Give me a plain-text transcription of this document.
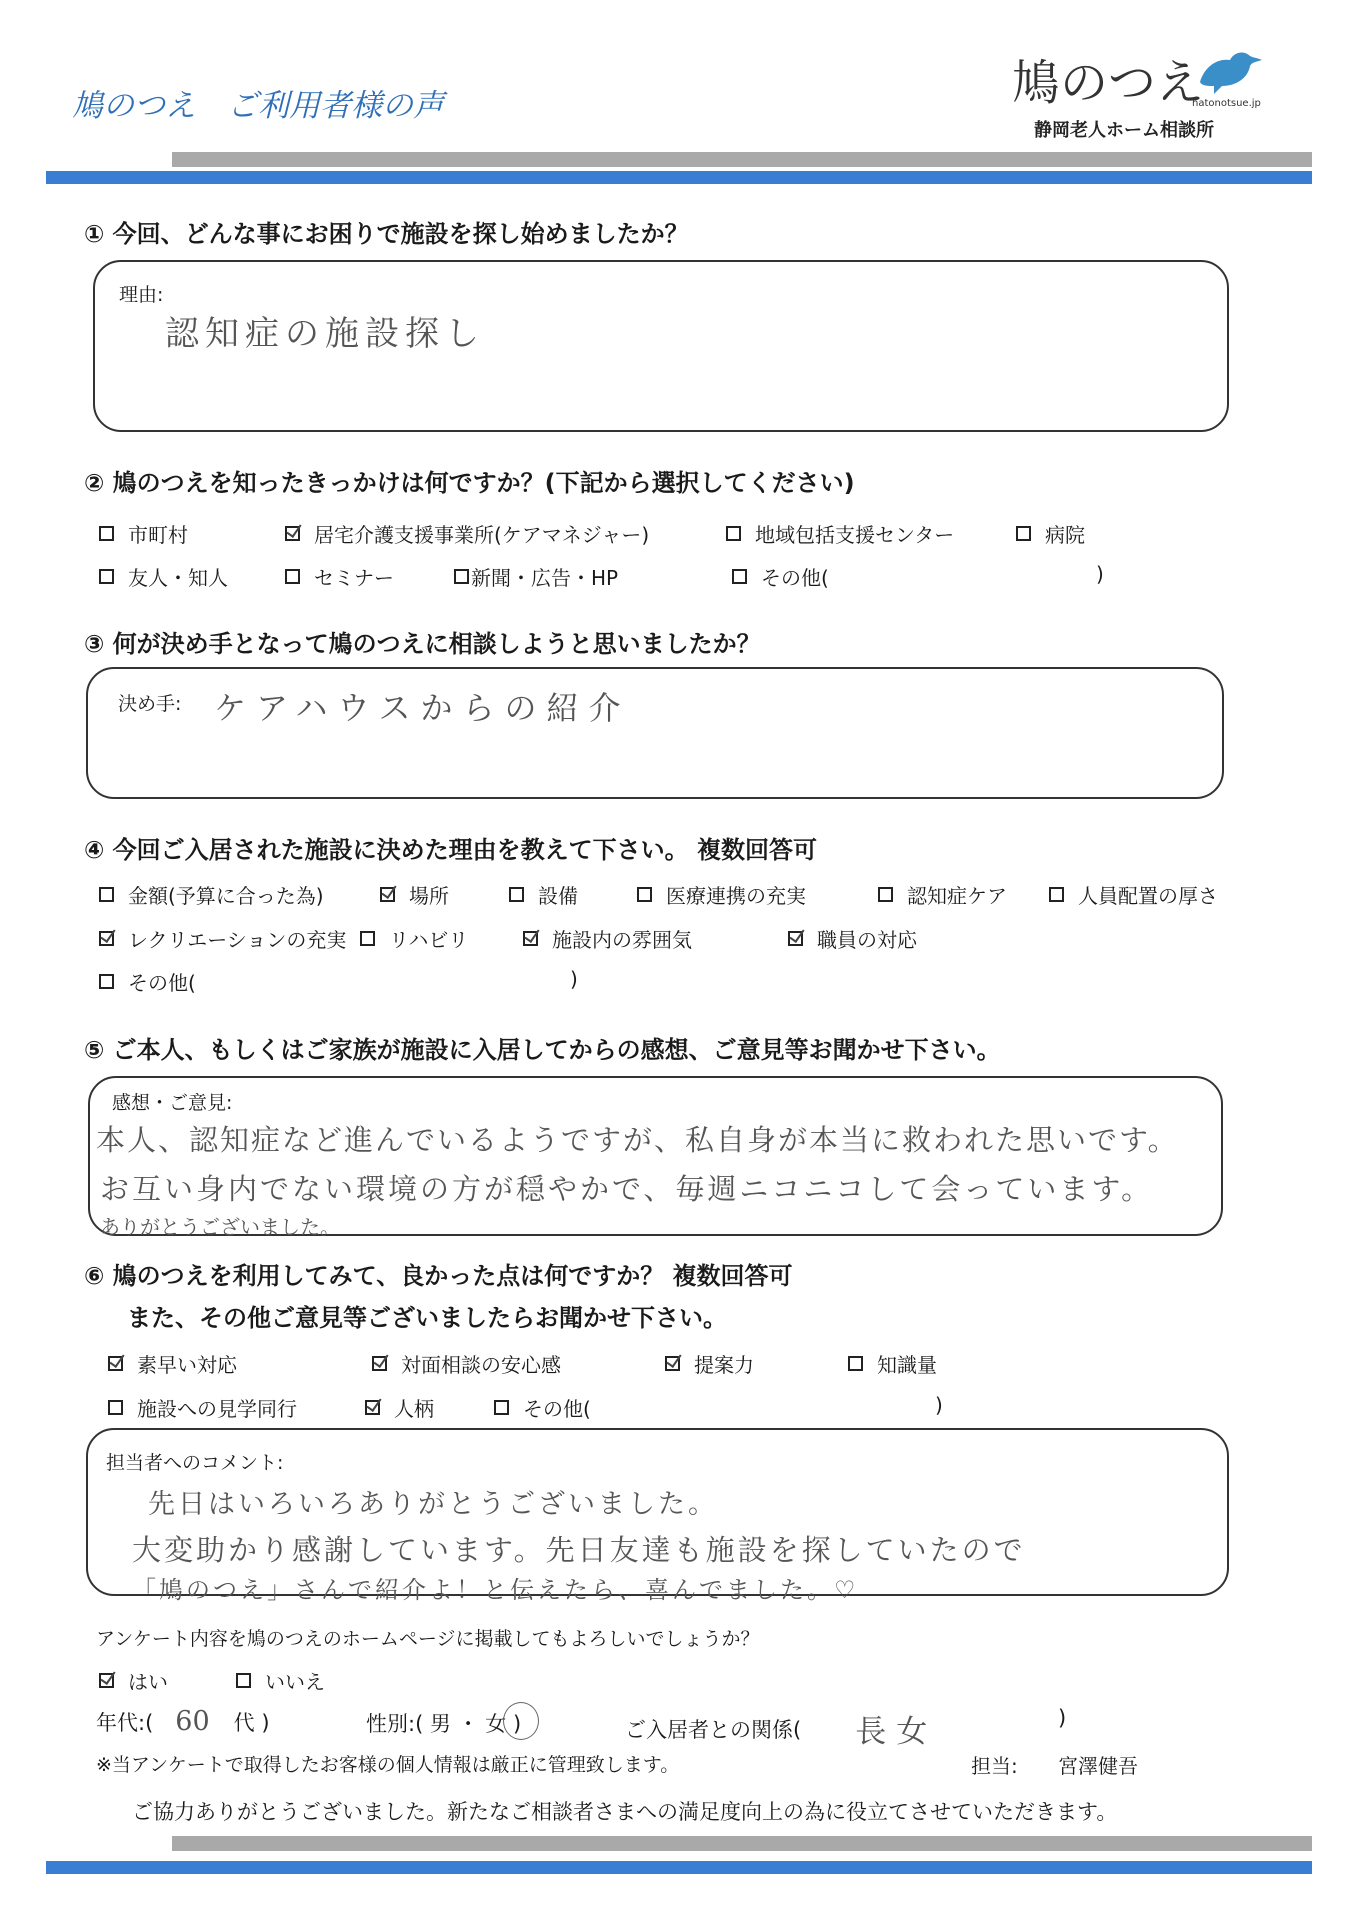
鳩のつえ　ご利用者様の声	鳩のつえ
hatonotsue.jp
静岡老人ホーム相談所
① 今回、どんな事にお困りで施設を探し始めましたか？
理由:
認知症の施設探し
② 鳩のつえを知ったきっかけは何ですか？(下記から選択してください)
市町村	居宅介護支援事業所(ケアマネジャー)	地域包括支援センター	病院
友人・知人	セミナー	新聞・広告・HP	その他(	)
③ 何が決め手となって鳩のつえに相談しようと思いましたか？
決め手: ケアハウスからの紹介
④ 今回ご入居された施設に決めた理由を教えて下さい。 複数回答可
金額(予算に合った為)	場所	設備	医療連携の充実	認知症ケア	人員配置の厚さ
レクリエーションの充実 リハビリ	施設内の雰囲気	職員の対応
その他(	)
⑤ ご本人、もしくはご家族が施設に入居してからの感想、ご意見等お聞かせ下さい。
感想・ご意見:
本人、認知症など進んでいるようですが、私自身が本当に救われた思いです。
お互い身内でない環境の方が穏やかで、毎週ニコニコして会っています。
ありがとうございました。
⑥ 鳩のつえを利用してみて、良かった点は何ですか？ 複数回答可
また、その他ご意見等ございましたらお聞かせ下さい。
素早い対応	対面相談の安心感	提案力	知識量
施設への見学同行	人柄	その他(	)
担当者へのコメント:
先日はいろいろありがとうございました。
大変助かり感謝しています。先日友達も施設を探していたので
「鳩のつえ」さんで紹介よ！と伝えたら、喜んでました。♡
アンケート内容を鳩のつえのホームページに掲載してもよろしいでしょうか？
はい	いいえ
年代:( 60 代 )	性別:( 男 ・ 女 )	ご入居者との関係( 長女	)
※当アンケートで取得したお客様の個人情報は厳正に管理致します。	担当: 宮澤健吾
ご協力ありがとうございました。新たなご相談者さまへの満足度向上の為に役立てさせていただきます。
